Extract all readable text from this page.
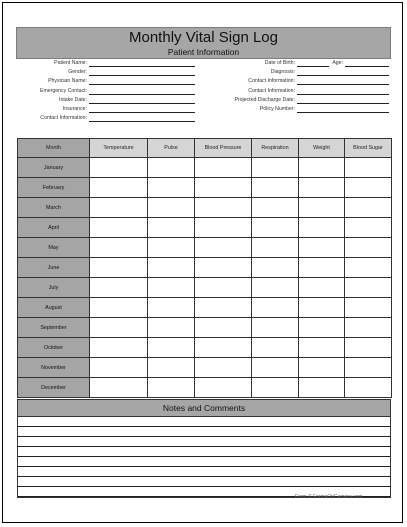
Monthly Vital Sign Log
Patient Information
Patient Name:
Gender:
Physician Name:
Emergency Contact:
Intake Date:
Insurance:
Contact Information:
Date of Birth:
Diagnosis:
Contact Information:
Contact Information:
Projected Discharge Date:
Policy Number:
Age:
Month	Temperature	Pulse	Blood Pressure	Respiration	Weight	Blood Sugar
January						
February						
March						
April						
May						
June						
July						
August						
September						
October						
November						
December						
Notes and Comments
Form © FormsOnCamera.com
